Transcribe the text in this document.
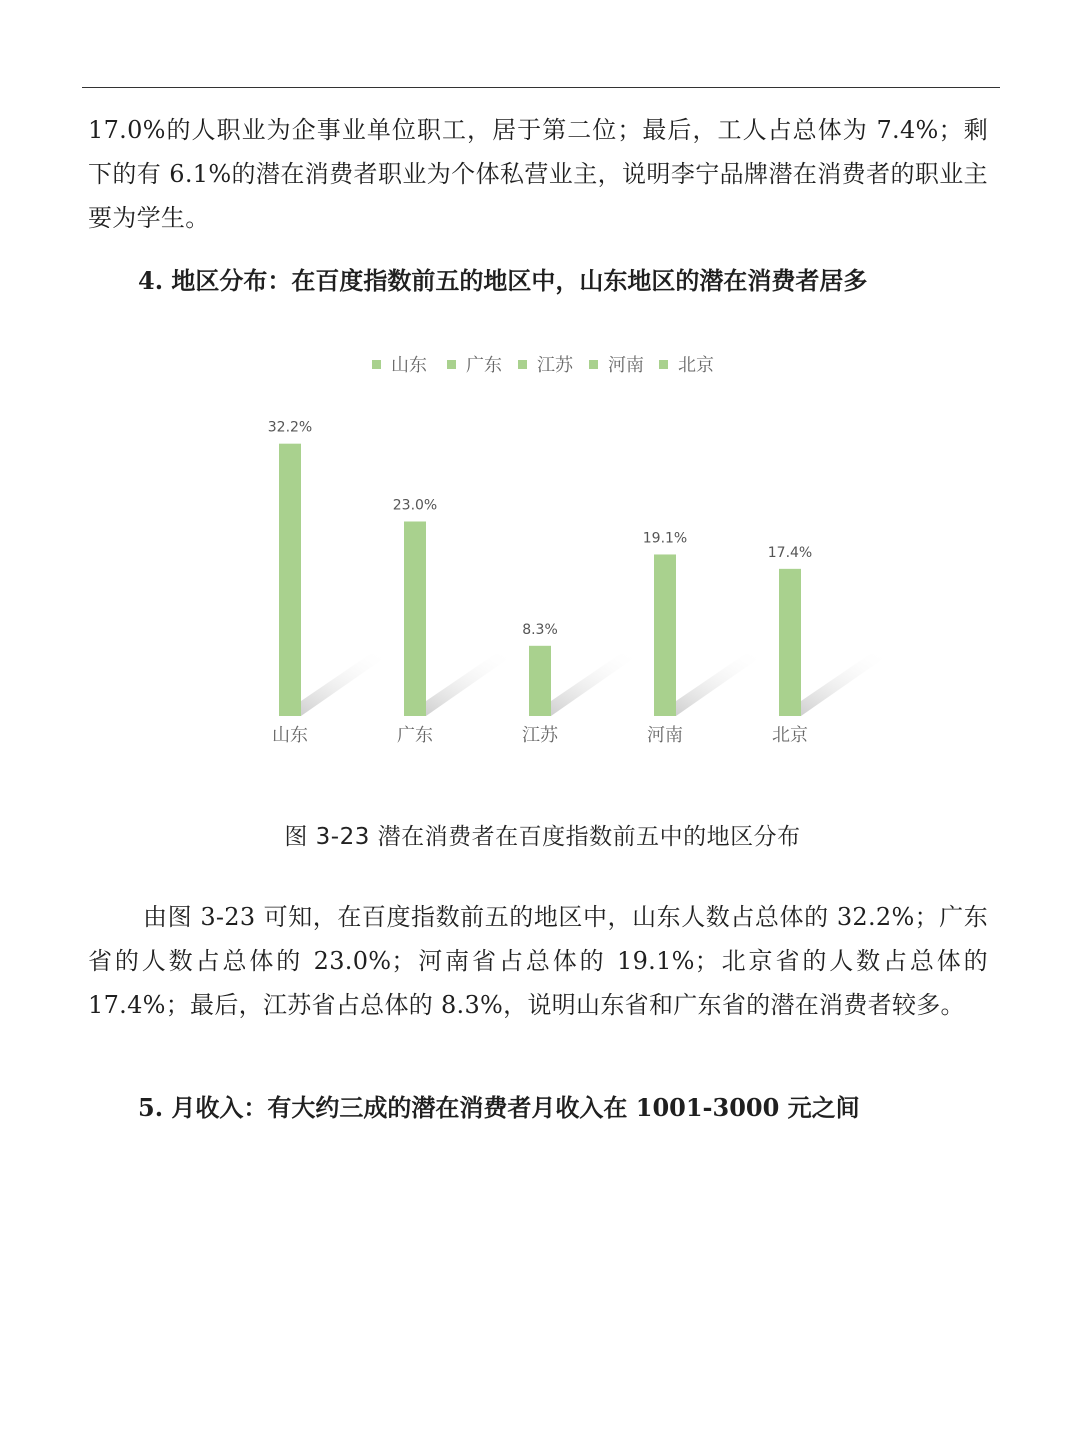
17.0%的人职业为企事业单位职工，居于第二位；最后，工人占总体为 7.4%；剩下的有 6.1%的潜在消费者职业为个体私营业主，说明李宁品牌潜在消费者的职业主要为学生。

4. 地区分布：在百度指数前五的地区中，山东地区的潜在消费者居多
山东 广东 江苏 河南 北京
32.2%
23.0%
8.3%
19.1%
17.4%
山东	广东	江苏	河南	北京

图 3-23 潜在消费者在百度指数前五中的地区分布

由图 3-23 可知，在百度指数前五的地区中，山东人数占总体的 32.2%；广东省的人数占总体的 23.0%；河南省占总体的 19.1%；北京省的人数占总体的 17.4%；最后，江苏省占总体的 8.3%，说明山东省和广东省的潜在消费者较多。

5. 月收入：有大约三成的潜在消费者月收入在 1001-3000 元之间
